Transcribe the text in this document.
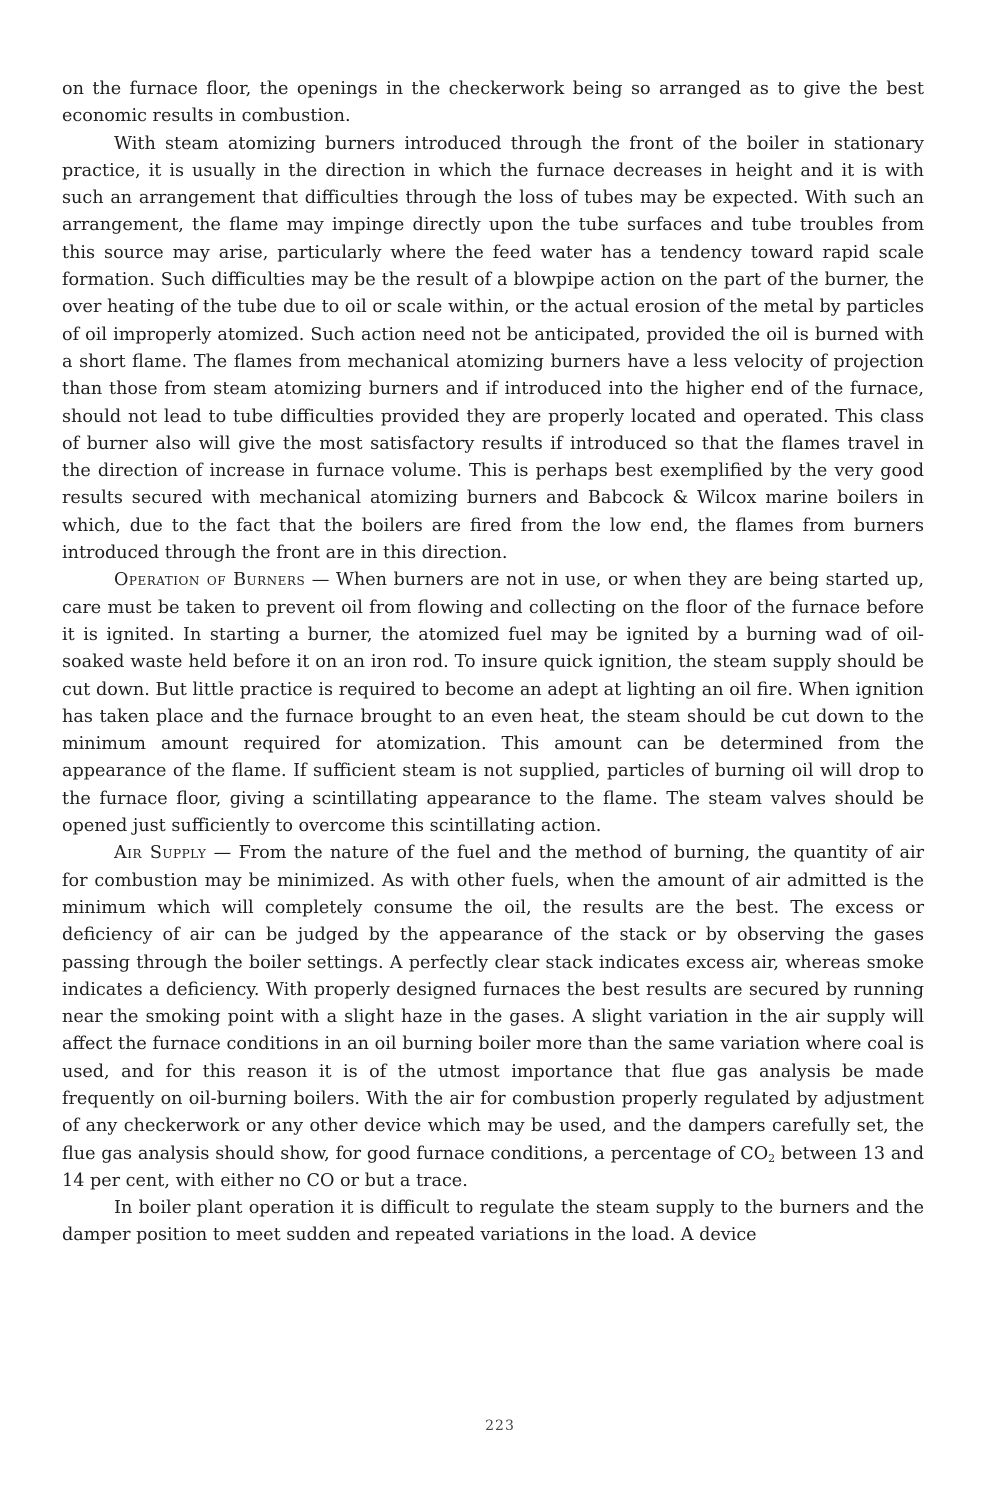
on the furnace floor, the openings in the checkerwork being so arranged as to give the best economic results in combustion.

With steam atomizing burners introduced through the front of the boiler in stationary practice, it is usually in the direction in which the furnace decreases in height and it is with such an arrangement that difficulties through the loss of tubes may be expected. With such an arrangement, the flame may impinge directly upon the tube surfaces and tube troubles from this source may arise, particularly where the feed water has a tendency toward rapid scale formation. Such difficulties may be the result of a blowpipe action on the part of the burner, the over heating of the tube due to oil or scale within, or the actual erosion of the metal by particles of oil improperly atomized. Such action need not be anticipated, provided the oil is burned with a short flame. The flames from mechanical atomizing burners have a less velocity of projection than those from steam atomizing burners and if introduced into the higher end of the furnace, should not lead to tube difficulties provided they are properly located and operated. This class of burner also will give the most satisfactory results if introduced so that the flames travel in the direction of increase in furnace volume. This is perhaps best exemplified by the very good results secured with mechanical atomizing burners and Babcock & Wilcox marine boilers in which, due to the fact that the boilers are fired from the low end, the flames from burners introduced through the front are in this direction.

Operation of Burners — When burners are not in use, or when they are being started up, care must be taken to prevent oil from flowing and collecting on the floor of the furnace before it is ignited. In starting a burner, the atomized fuel may be ignited by a burning wad of oil-soaked waste held before it on an iron rod. To insure quick ignition, the steam supply should be cut down. But little practice is required to become an adept at lighting an oil fire. When ignition has taken place and the furnace brought to an even heat, the steam should be cut down to the minimum amount required for atomization. This amount can be determined from the appearance of the flame. If sufficient steam is not supplied, particles of burning oil will drop to the furnace floor, giving a scintillating appearance to the flame. The steam valves should be opened just sufficiently to overcome this scintillating action.

Air Supply — From the nature of the fuel and the method of burning, the quantity of air for combustion may be minimized. As with other fuels, when the amount of air admitted is the minimum which will completely consume the oil, the results are the best. The excess or deficiency of air can be judged by the appearance of the stack or by observing the gases passing through the boiler settings. A perfectly clear stack indicates excess air, whereas smoke indicates a deficiency. With properly designed furnaces the best results are secured by running near the smoking point with a slight haze in the gases. A slight variation in the air supply will affect the furnace conditions in an oil burning boiler more than the same variation where coal is used, and for this reason it is of the utmost importance that flue gas analysis be made frequently on oil-burning boilers. With the air for combustion properly regulated by adjustment of any checkerwork or any other device which may be used, and the dampers carefully set, the flue gas analysis should show, for good furnace conditions, a percentage of $CO_2$ between 13 and 14 per cent, with either no CO or but a trace.

In boiler plant operation it is difficult to regulate the steam supply to the burners and the damper position to meet sudden and repeated variations in the load. A device

223
